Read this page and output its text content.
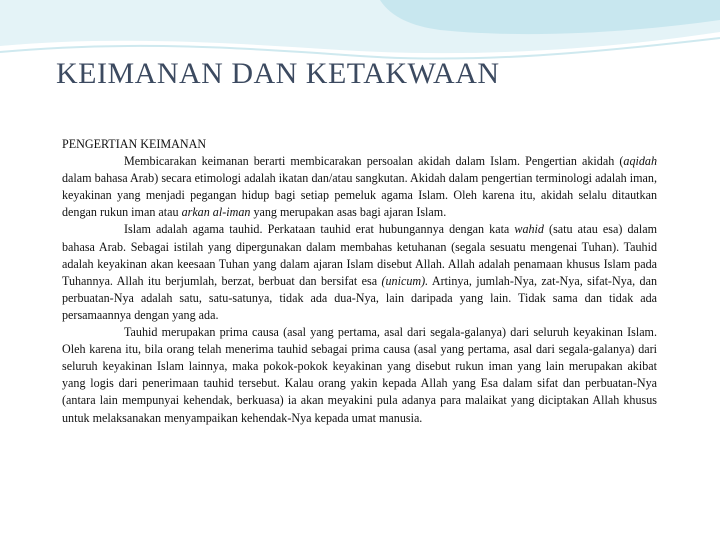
KEIMANAN DAN KETAKWAAN

PENGERTIAN KEIMANAN

Membicarakan keimanan berarti membicarakan persoalan akidah dalam Islam. Pengertian akidah (aqidah dalam bahasa Arab) secara etimologi adalah ikatan dan/atau sangkutan. Akidah dalam pengertian terminologi adalah iman, keyakinan yang menjadi pegangan hidup bagi setiap pemeluk agama Islam. Oleh karena itu, akidah selalu ditautkan dengan rukun iman atau arkan al-iman yang merupakan asas bagi ajaran Islam.

Islam adalah agama tauhid. Perkataan tauhid erat hubungannya dengan kata wahid (satu atau esa) dalam bahasa Arab. Sebagai istilah yang dipergunakan dalam membahas ketuhanan (segala sesuatu mengenai Tuhan). Tauhid adalah keyakinan akan keesaan Tuhan yang dalam ajaran Islam disebut Allah. Allah adalah penamaan khusus Islam pada Tuhannya. Allah itu berjumlah, berzat, berbuat dan bersifat esa (unicum). Artinya, jumlah-Nya, zat-Nya, sifat-Nya, dan perbuatan-Nya adalah satu, satu-satunya, tidak ada dua-Nya, lain daripada yang lain. Tidak sama dan tidak ada persamaannya dengan yang ada.

Tauhid merupakan prima causa (asal yang pertama, asal dari segala-galanya) dari seluruh keyakinan Islam. Oleh karena itu, bila orang telah menerima tauhid sebagai prima causa (asal yang pertama, asal dari segala-galanya) dari seluruh keyakinan Islam lainnya, maka pokok-pokok keyakinan yang disebut rukun iman yang lain merupakan akibat yang logis dari penerimaan tauhid tersebut. Kalau orang yakin kepada Allah yang Esa dalam sifat dan perbuatan-Nya (antara lain mempunyai kehendak, berkuasa) ia akan meyakini pula adanya para malaikat yang diciptakan Allah khusus untuk melaksanakan menyampaikan kehendak-Nya kepada umat manusia.
